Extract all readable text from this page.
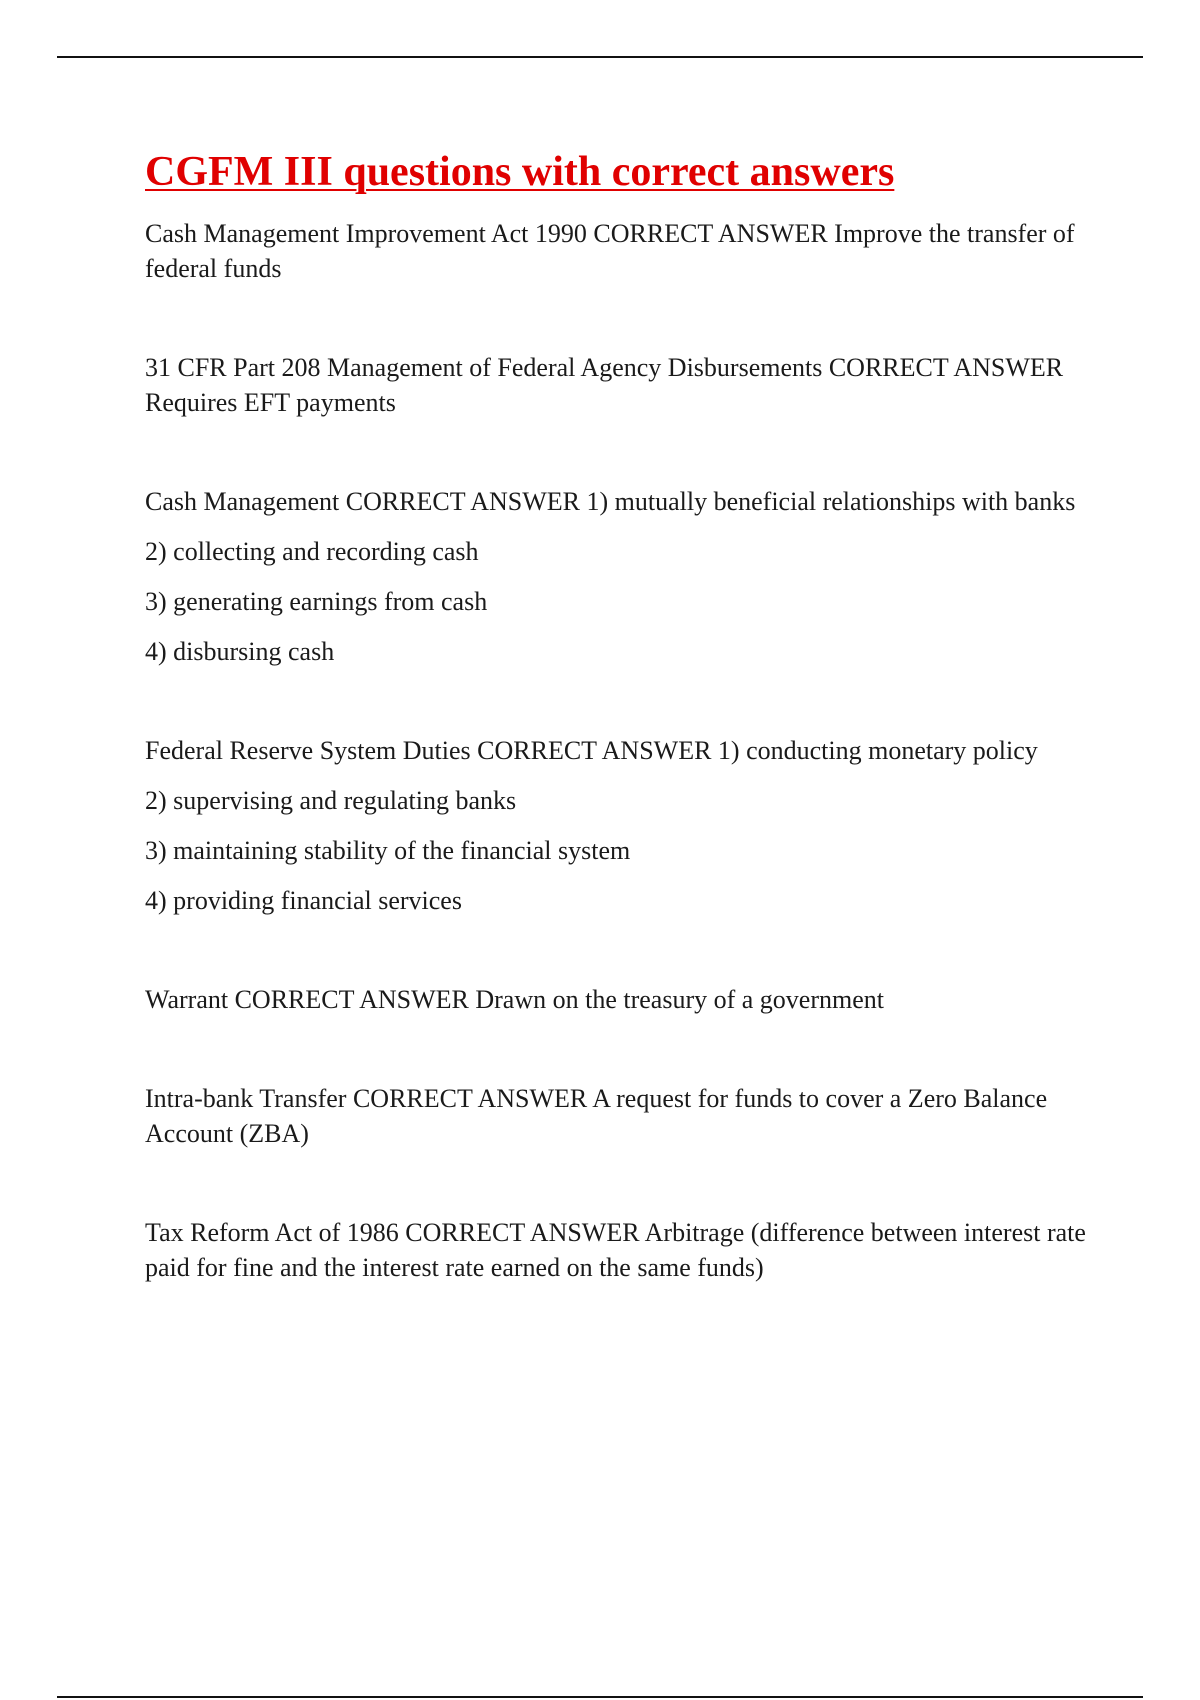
CGFM III questions with correct answers

Cash Management Improvement Act 1990 CORRECT ANSWER Improve the transfer of federal funds

31 CFR Part 208 Management of Federal Agency Disbursements CORRECT ANSWER Requires EFT payments

Cash Management CORRECT ANSWER 1) mutually beneficial relationships with banks

2) collecting and recording cash

3) generating earnings from cash

4) disbursing cash

Federal Reserve System Duties CORRECT ANSWER 1) conducting monetary policy

2) supervising and regulating banks

3) maintaining stability of the financial system

4) providing financial services

Warrant CORRECT ANSWER Drawn on the treasury of a government

Intra-bank Transfer CORRECT ANSWER A request for funds to cover a Zero Balance Account (ZBA)

Tax Reform Act of 1986 CORRECT ANSWER Arbitrage (difference between interest rate paid for fine and the interest rate earned on the same funds)
